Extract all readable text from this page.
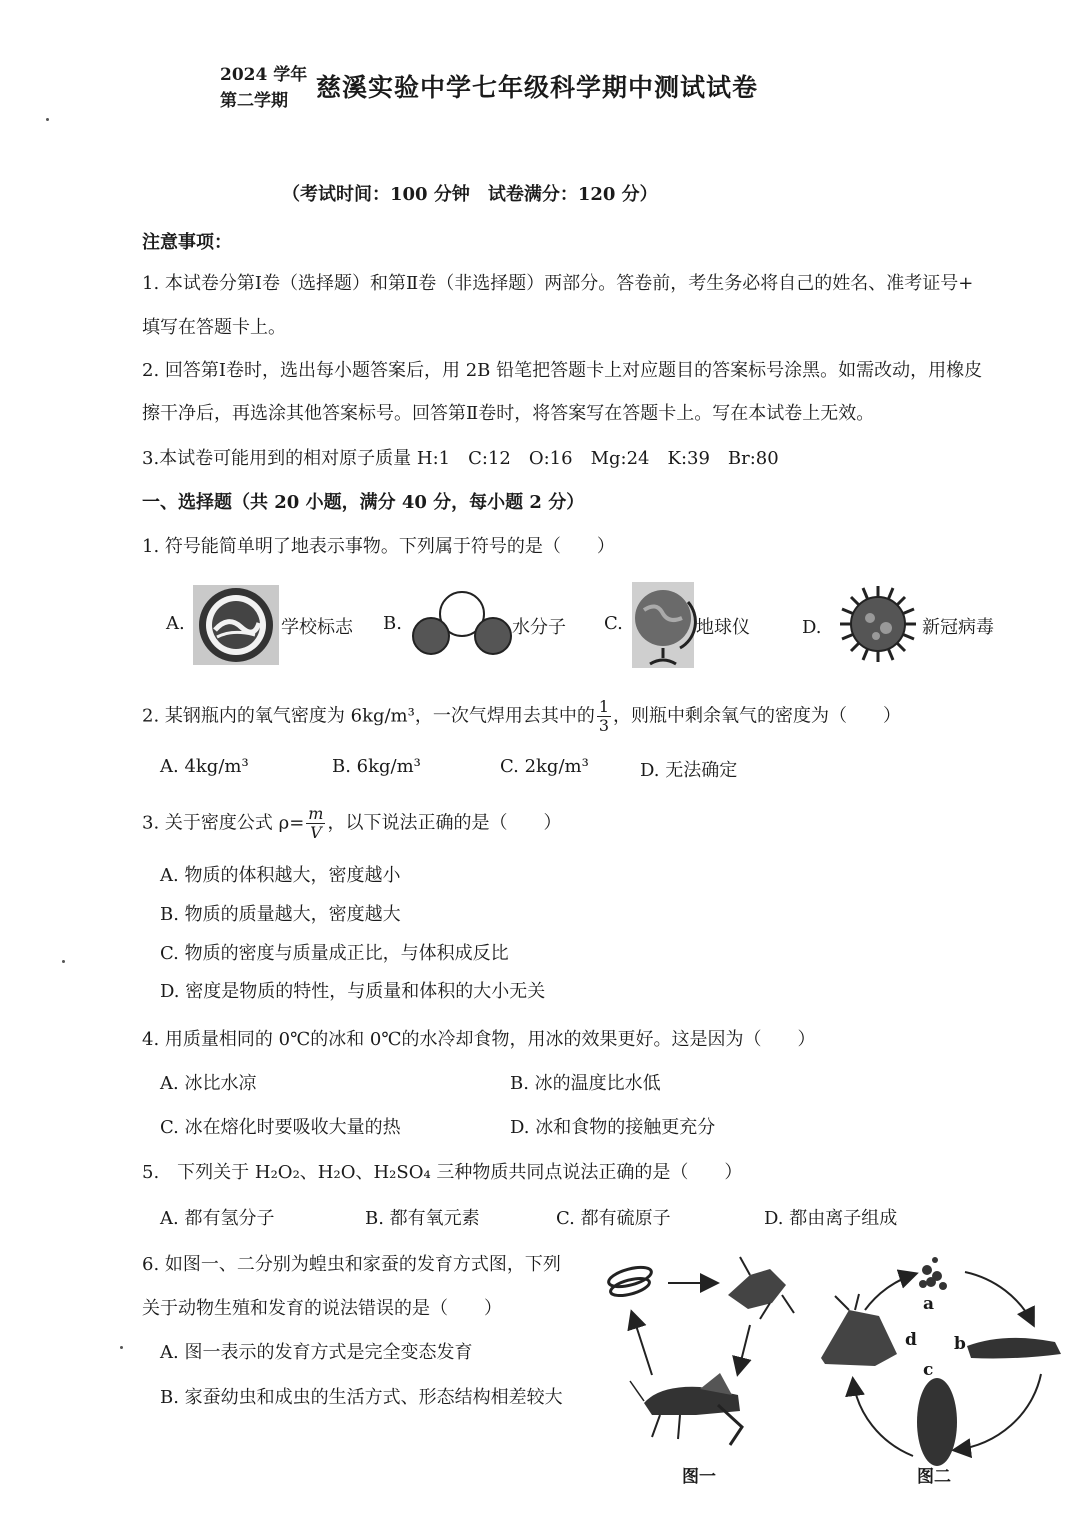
2024 学年
第二学期	慈溪实验中学七年级科学期中测试试卷
（考试时间：100 分钟　试卷满分：120 分）
注意事项：
1. 本试卷分第Ⅰ卷（选择题）和第Ⅱ卷（非选择题）两部分。答卷前，考生务必将自己的姓名、准考证号+
填写在答题卡上。
2. 回答第Ⅰ卷时，选出每小题答案后，用 2B 铅笔把答题卡上对应题目的答案标号涂黑。如需改动，用橡皮
擦干净后，再选涂其他答案标号。回答第Ⅱ卷时，将答案写在答题卡上。写在本试卷上无效。
3.本试卷可能用到的相对原子质量 H:1　C:12　O:16　Mg:24　K:39　Br:80
一、选择题（共 20 小题，满分 40 分，每小题 2 分）
1. 符号能简单明了地表示事物。下列属于符号的是（　　）
A.	学校标志 B.	水分子 C.	地球仪	D.	新冠病毒
2. 某钢瓶内的氧气密度为 6kg/m³，一次气焊用去其中的 $\frac{1}{3}$ ，则瓶中剩余氧气的密度为（　　）
A. 4kg/m³	B. 6kg/m³	C. 2kg/m³	D. 无法确定
3. 关于密度公式 $\rho= \frac{m}{V}$ ，以下说法正确的是（　　）
A. 物质的体积越大，密度越小
B. 物质的质量越大，密度越大
C. 物质的密度与质量成正比，与体积成反比
D. 密度是物质的特性，与质量和体积的大小无关
4. 用质量相同的 0℃的冰和 0℃的水冷却食物，用冰的效果更好。这是因为（　　）
A. 冰比水凉	B. 冰的温度比水低
C. 冰在熔化时要吸收大量的热	D. 冰和食物的接触更充分
5.　下列关于 H₂O₂、H₂O、H₂SO₄ 三种物质共同点说法正确的是（　　）
A. 都有氢分子	B. 都有氧元素	C. 都有硫原子	D. 都由离子组成
6. 如图一、二分别为蝗虫和家蚕的发育方式图，下列
关于动物生殖和发育的说法错误的是（　　）
A. 图一表示的发育方式是完全变态发育
B. 家蚕幼虫和成虫的生活方式、形态结构相差较大
图一
a
b
c
d
图二
